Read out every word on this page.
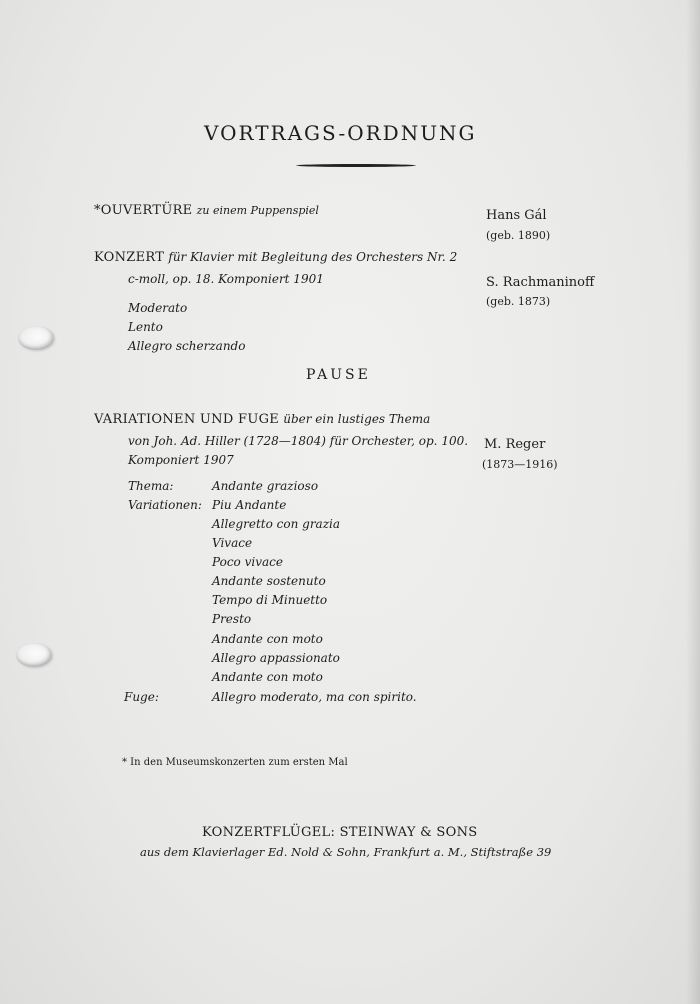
VORTRAGS-ORDNUNG
*OUVERTÜRE zu einem Puppenspiel	Hans Gál
(geb. 1890)
KONZERT für Klavier mit Begleitung des Orchesters Nr. 2
c-moll, op. 18. Komponiert 1901	S. Rachmaninoff
(geb. 1873)
Moderato
Lento
Allegro scherzando
PAUSE
VARIATIONEN UND FUGE über ein lustiges Thema
von Joh. Ad. Hiller (1728—1804) für Orchester, op. 100.
Komponiert 1907
M. Reger
(1873—1916)
Thema:	Andante grazioso
Variationen: Piu Andante
Allegretto con grazia
Vivace
Poco vivace
Andante sostenuto
Tempo di Minuetto
Presto
Andante con moto
Allegro appassionato
Andante con moto
Fuge:	Allegro moderato, ma con spirito.
* In den Museumskonzerten zum ersten Mal
KONZERTFLÜGEL: STEINWAY & SONS
aus dem Klavierlager Ed. Nold & Sohn, Frankfurt a. M., Stiftstraße 39
